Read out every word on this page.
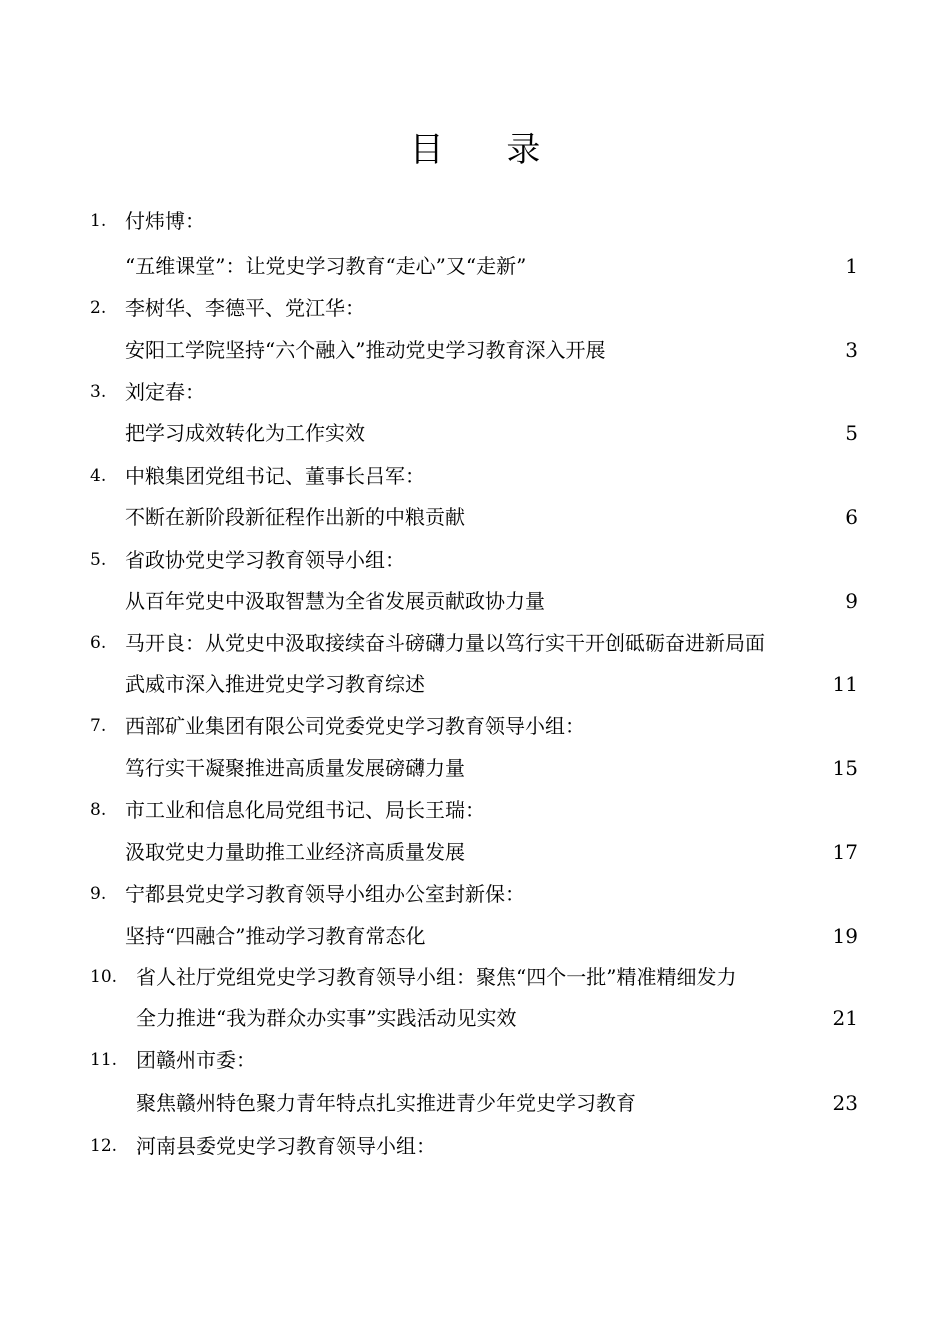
目 录
1. 付炜博：
“五维课堂”：让党史学习教育“走心”又“走新”	1
2. 李树华、李德平、党江华：
安阳工学院坚持“六个融入”推动党史学习教育深入开展	3
3. 刘定春：
把学习成效转化为工作实效	5
4. 中粮集团党组书记、董事长吕军：
不断在新阶段新征程作出新的中粮贡献	6
5. 省政协党史学习教育领导小组：
从百年党史中汲取智慧为全省发展贡献政协力量	9
6. 马开良：从党史中汲取接续奋斗磅礴力量以笃行实干开创砥砺奋进新局面
武威市深入推进党史学习教育综述	11
7. 西部矿业集团有限公司党委党史学习教育领导小组：
笃行实干凝聚推进高质量发展磅礴力量	15
8. 市工业和信息化局党组书记、局长王瑞：
汲取党史力量助推工业经济高质量发展	17
9. 宁都县党史学习教育领导小组办公室封新保：
坚持“四融合”推动学习教育常态化	19
10. 省人社厅党组党史学习教育领导小组：聚焦“四个一批”精准精细发力
全力推进“我为群众办实事”实践活动见实效	21
11. 团赣州市委：
聚焦赣州特色聚力青年特点扎实推进青少年党史学习教育	23
12. 河南县委党史学习教育领导小组：
